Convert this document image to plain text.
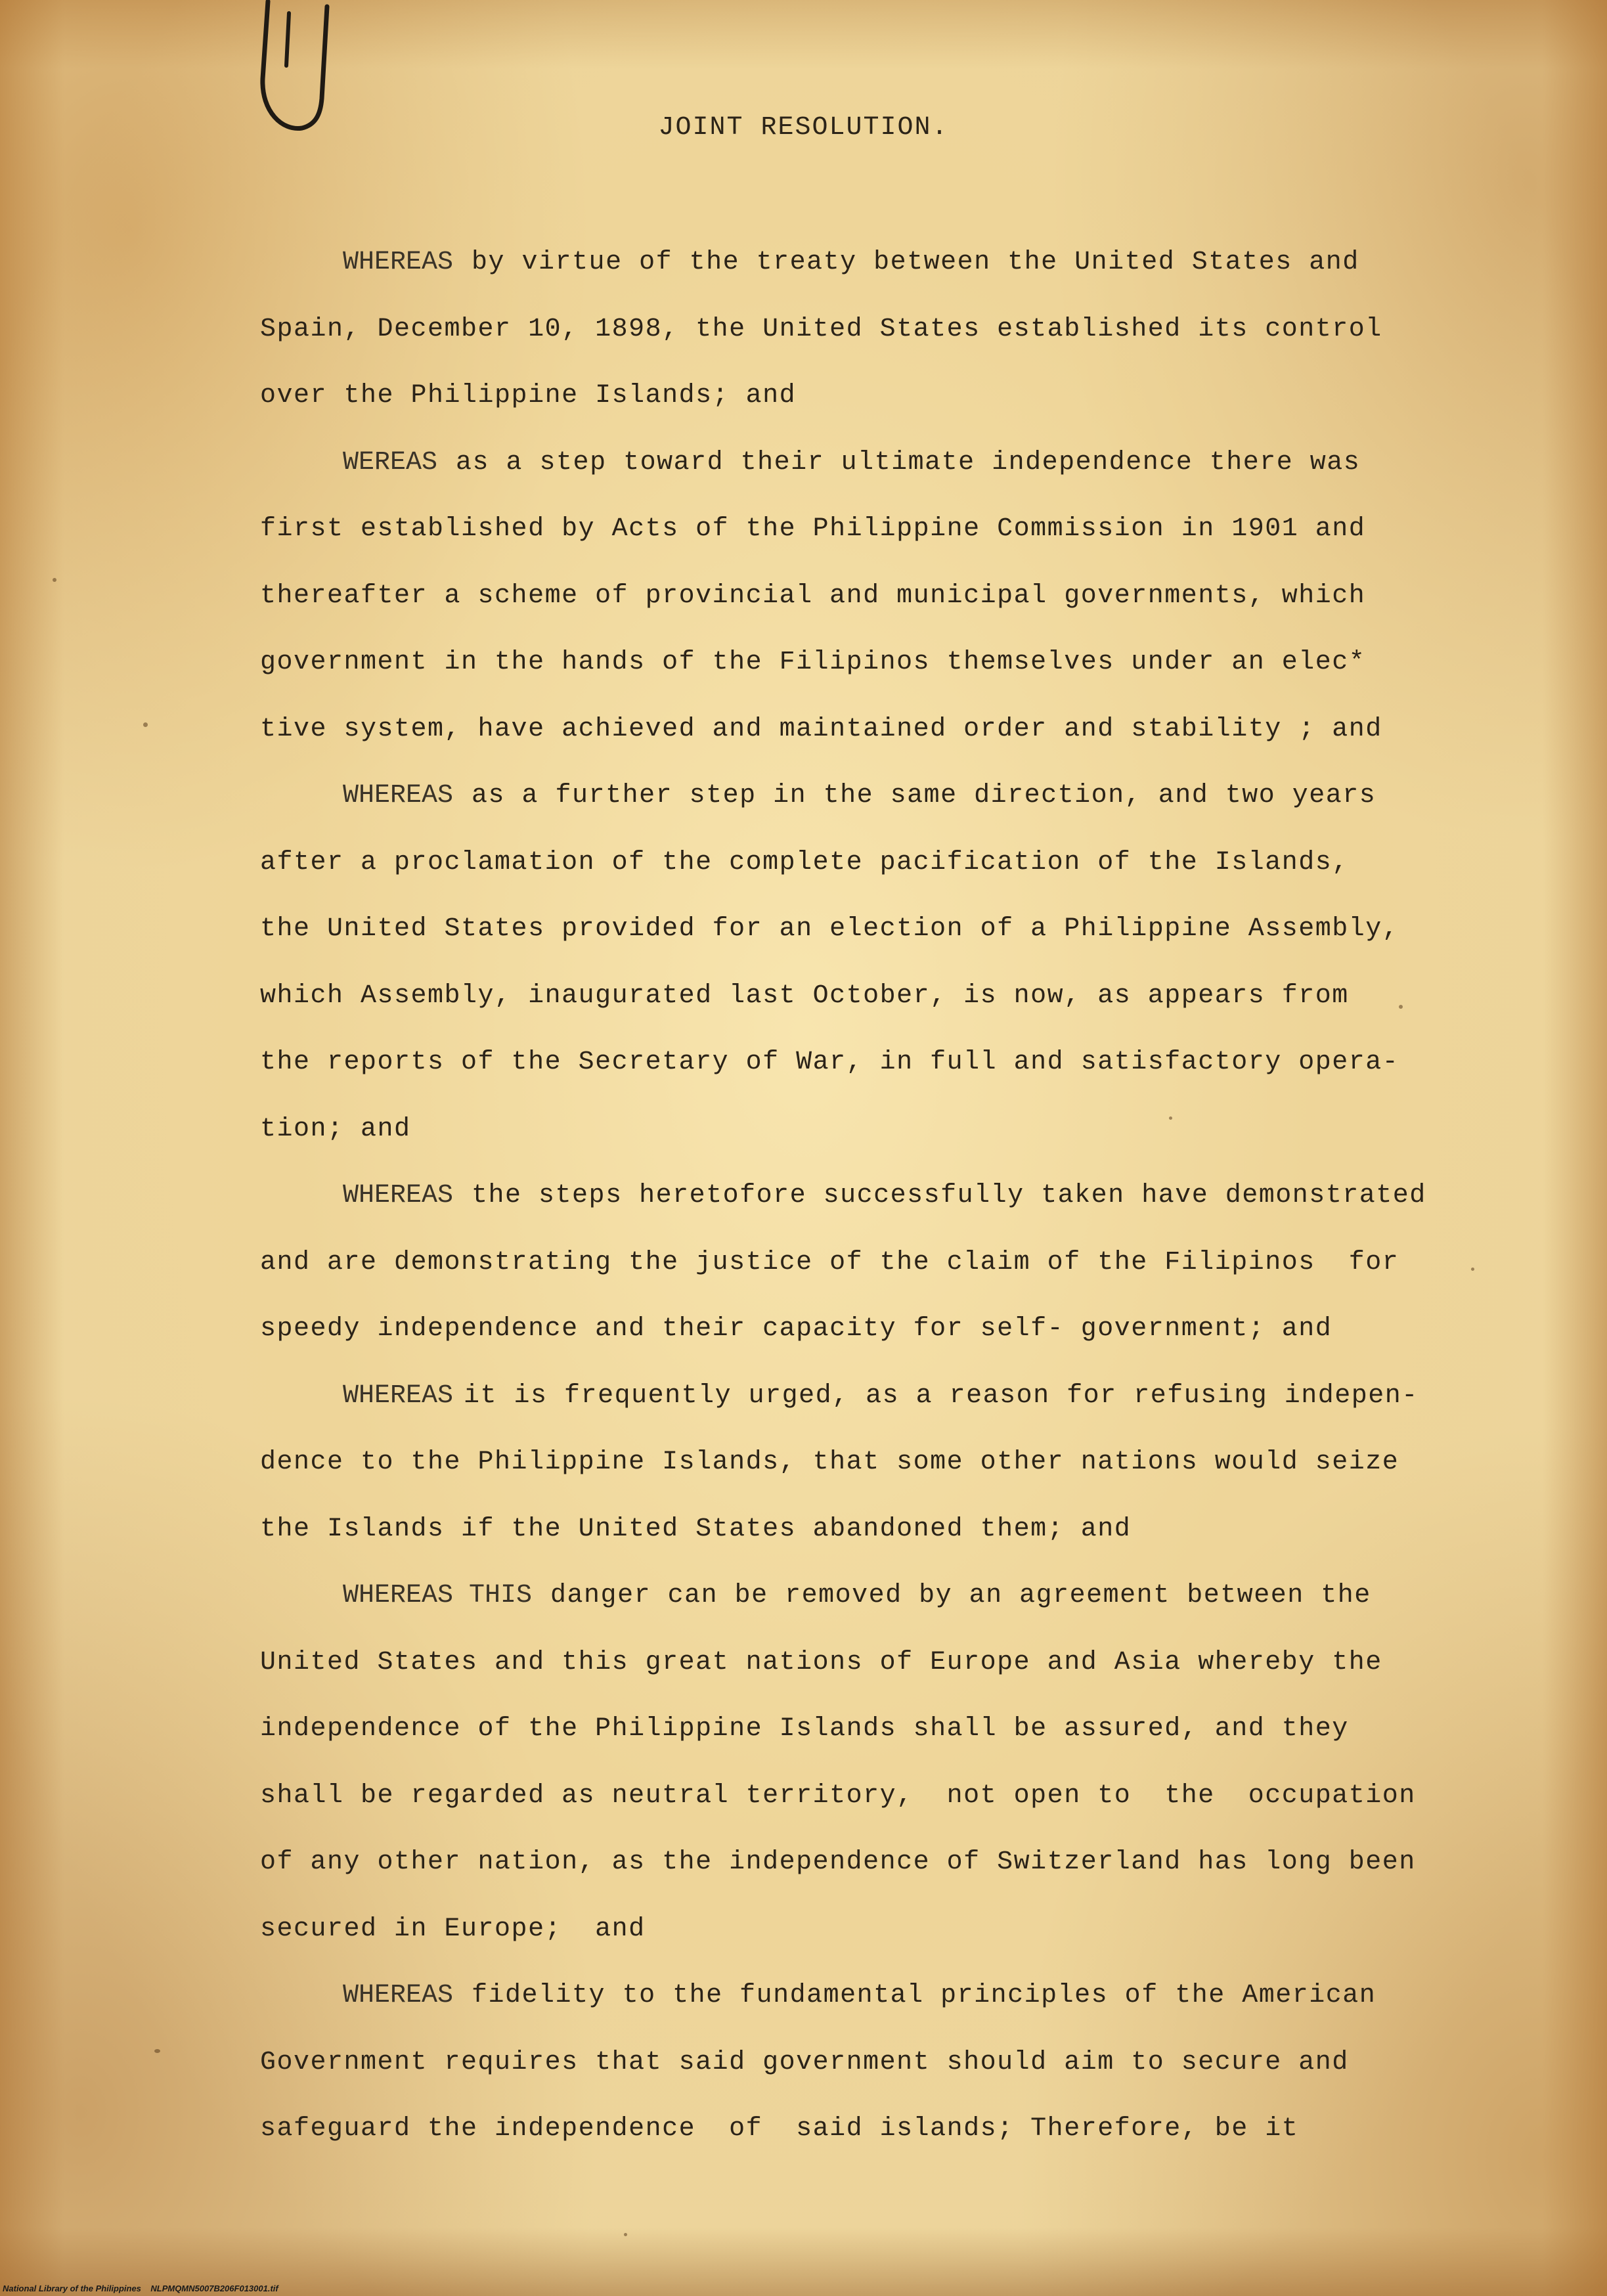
JOINT RESOLUTION.
WHEREAS by virtue of the treaty between the United States and
Spain, December 10, 1898, the United States established its control
over the Philippine Islands; and
WEREAS as a step toward their ultimate independence there was
first established by Acts of the Philippine Commission in 1901 and
thereafter a scheme of provincial and municipal governments, which
government in the hands of the Filipinos themselves under an elec*
tive system, have achieved and maintained order and stability ; and
WHEREAS as a further step in the same direction, and two years
after a proclamation of the complete pacification of the Islands,
the United States provided for an election of a Philippine Assembly,
which Assembly, inaugurated last October, is now, as appears from
the reports of the Secretary of War, in full and satisfactory opera-
tion; and
WHEREAS the steps heretofore successfully taken have demonstrated
and are demonstrating the justice of the claim of the Filipinos  for
speedy independence and their capacity for self- government; and
WHEREAS it is frequently urged, as a reason for refusing indepen-
dence to the Philippine Islands, that some other nations would seize
the Islands if the United States abandoned them; and
WHEREAS THIS danger can be removed by an agreement between the
United States and this great nations of Europe and Asia whereby the
independence of the Philippine Islands shall be assured, and they
shall be regarded as neutral territory,  not open to  the  occupation
of any other nation, as the independence of Switzerland has long been
secured in Europe;  and
WHEREAS fidelity to the fundamental principles of the American
Government requires that said government should aim to secure and
safeguard the independence  of  said islands; Therefore, be it
National Library of the Philippines    NLPMQMN5007B206F013001.tif
